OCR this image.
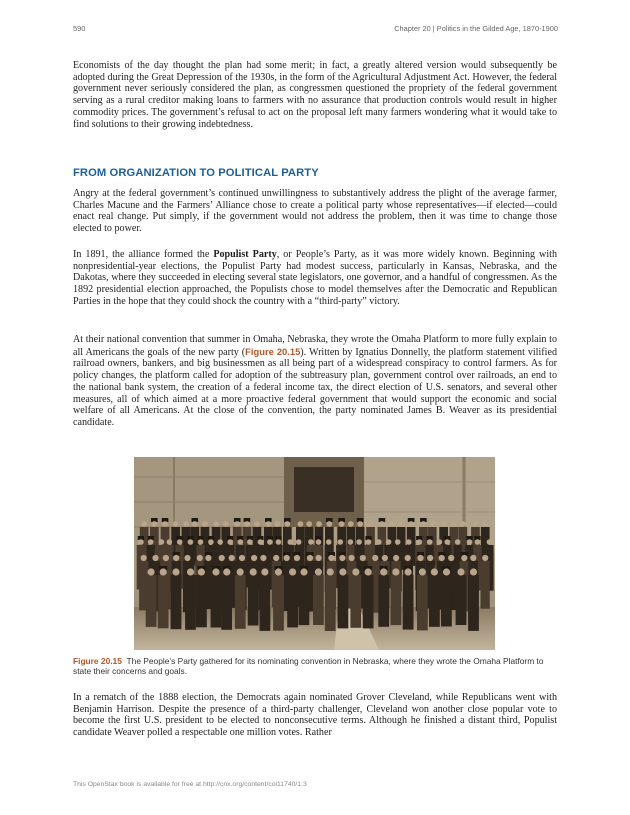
590	Chapter 20 | Politics in the Gilded Age, 1870-1900

Economists of the day thought the plan had some merit; in fact, a greatly altered version would subsequently be adopted during the Great Depression of the 1930s, in the form of the Agricultural Adjustment Act. However, the federal government never seriously considered the plan, as congressmen questioned the propriety of the federal government serving as a rural creditor making loans to farmers with no assurance that production controls would result in higher commodity prices. The government’s refusal to act on the proposal left many farmers wondering what it would take to find solutions to their growing indebtedness.

FROM ORGANIZATION TO POLITICAL PARTY

Angry at the federal government’s continued unwillingness to substantively address the plight of the average farmer, Charles Macune and the Farmers’ Alliance chose to create a political party whose representatives—if elected—could enact real change. Put simply, if the government would not address the problem, then it was time to change those elected to power.

In 1891, the alliance formed the Populist Party, or People’s Party, as it was more widely known. Beginning with nonpresidential-year elections, the Populist Party had modest success, particularly in Kansas, Nebraska, and the Dakotas, where they succeeded in electing several state legislators, one governor, and a handful of congressmen. As the 1892 presidential election approached, the Populists chose to model themselves after the Democratic and Republican Parties in the hope that they could shock the country with a “third-party” victory.

At their national convention that summer in Omaha, Nebraska, they wrote the Omaha Platform to more fully explain to all Americans the goals of the new party (Figure 20.15). Written by Ignatius Donnelly, the platform statement vilified railroad owners, bankers, and big businessmen as all being part of a widespread conspiracy to control farmers. As for policy changes, the platform called for adoption of the subtreasury plan, government control over railroads, an end to the national bank system, the creation of a federal income tax, the direct election of U.S. senators, and several other measures, all of which aimed at a more proactive federal government that would support the economic and social welfare of all Americans. At the close of the convention, the party nominated James B. Weaver as its presidential candidate.

Figure 20.15 The People’s Party gathered for its nominating convention in Nebraska, where they wrote the Omaha Platform to state their concerns and goals.

In a rematch of the 1888 election, the Democrats again nominated Grover Cleveland, while Republicans went with Benjamin Harrison. Despite the presence of a third-party challenger, Cleveland won another close popular vote to become the first U.S. president to be elected to nonconsecutive terms. Although he finished a distant third, Populist candidate Weaver polled a respectable one million votes. Rather

This OpenStax book is available for free at http://cnx.org/content/col11740/1.3
